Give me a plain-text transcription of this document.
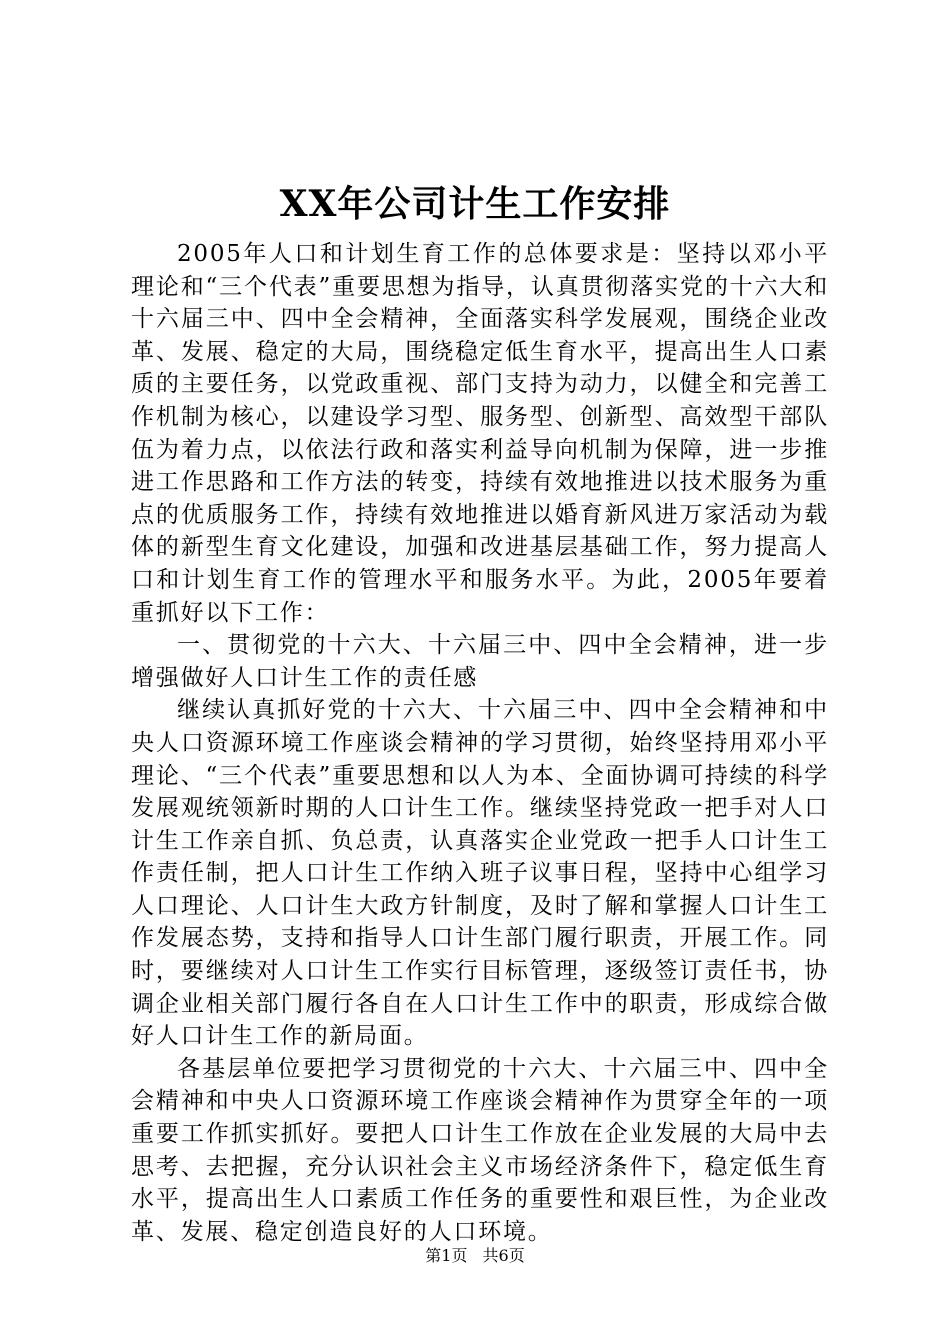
XX年公司计生工作安排

2005年人口和计划生育工作的总体要求是：坚持以邓小平理论和“三个代表”重要思想为指导，认真贯彻落实党的十六大和十六届三中、四中全会精神，全面落实科学发展观，围绕企业改革、发展、稳定的大局，围绕稳定低生育水平，提高出生人口素质的主要任务，以党政重视、部门支持为动力，以健全和完善工作机制为核心，以建设学习型、服务型、创新型、高效型干部队伍为着力点，以依法行政和落实利益导向机制为保障，进一步推进工作思路和工作方法的转变，持续有效地推进以技术服务为重点的优质服务工作，持续有效地推进以婚育新风进万家活动为载体的新型生育文化建设，加强和改进基层基础工作，努力提高人口和计划生育工作的管理水平和服务水平。为此，2005年要着重抓好以下工作：

一、贯彻党的十六大、十六届三中、四中全会精神，进一步增强做好人口计生工作的责任感

继续认真抓好党的十六大、十六届三中、四中全会精神和中央人口资源环境工作座谈会精神的学习贯彻，始终坚持用邓小平理论、“三个代表”重要思想和以人为本、全面协调可持续的科学发展观统领新时期的人口计生工作。继续坚持党政一把手对人口计生工作亲自抓、负总责，认真落实企业党政一把手人口计生工作责任制，把人口计生工作纳入班子议事日程，坚持中心组学习人口理论、人口计生大政方针制度，及时了解和掌握人口计生工作发展态势，支持和指导人口计生部门履行职责，开展工作。同时，要继续对人口计生工作实行目标管理，逐级签订责任书，协调企业相关部门履行各自在人口计生工作中的职责，形成综合做好人口计生工作的新局面。

各基层单位要把学习贯彻党的十六大、十六届三中、四中全会精神和中央人口资源环境工作座谈会精神作为贯穿全年的一项重要工作抓实抓好。要把人口计生工作放在企业发展的大局中去思考、去把握，充分认识社会主义市场经济条件下，稳定低生育水平，提高出生人口素质工作任务的重要性和艰巨性，为企业改革、发展、稳定创造良好的人口环境。

第1页 共6页
